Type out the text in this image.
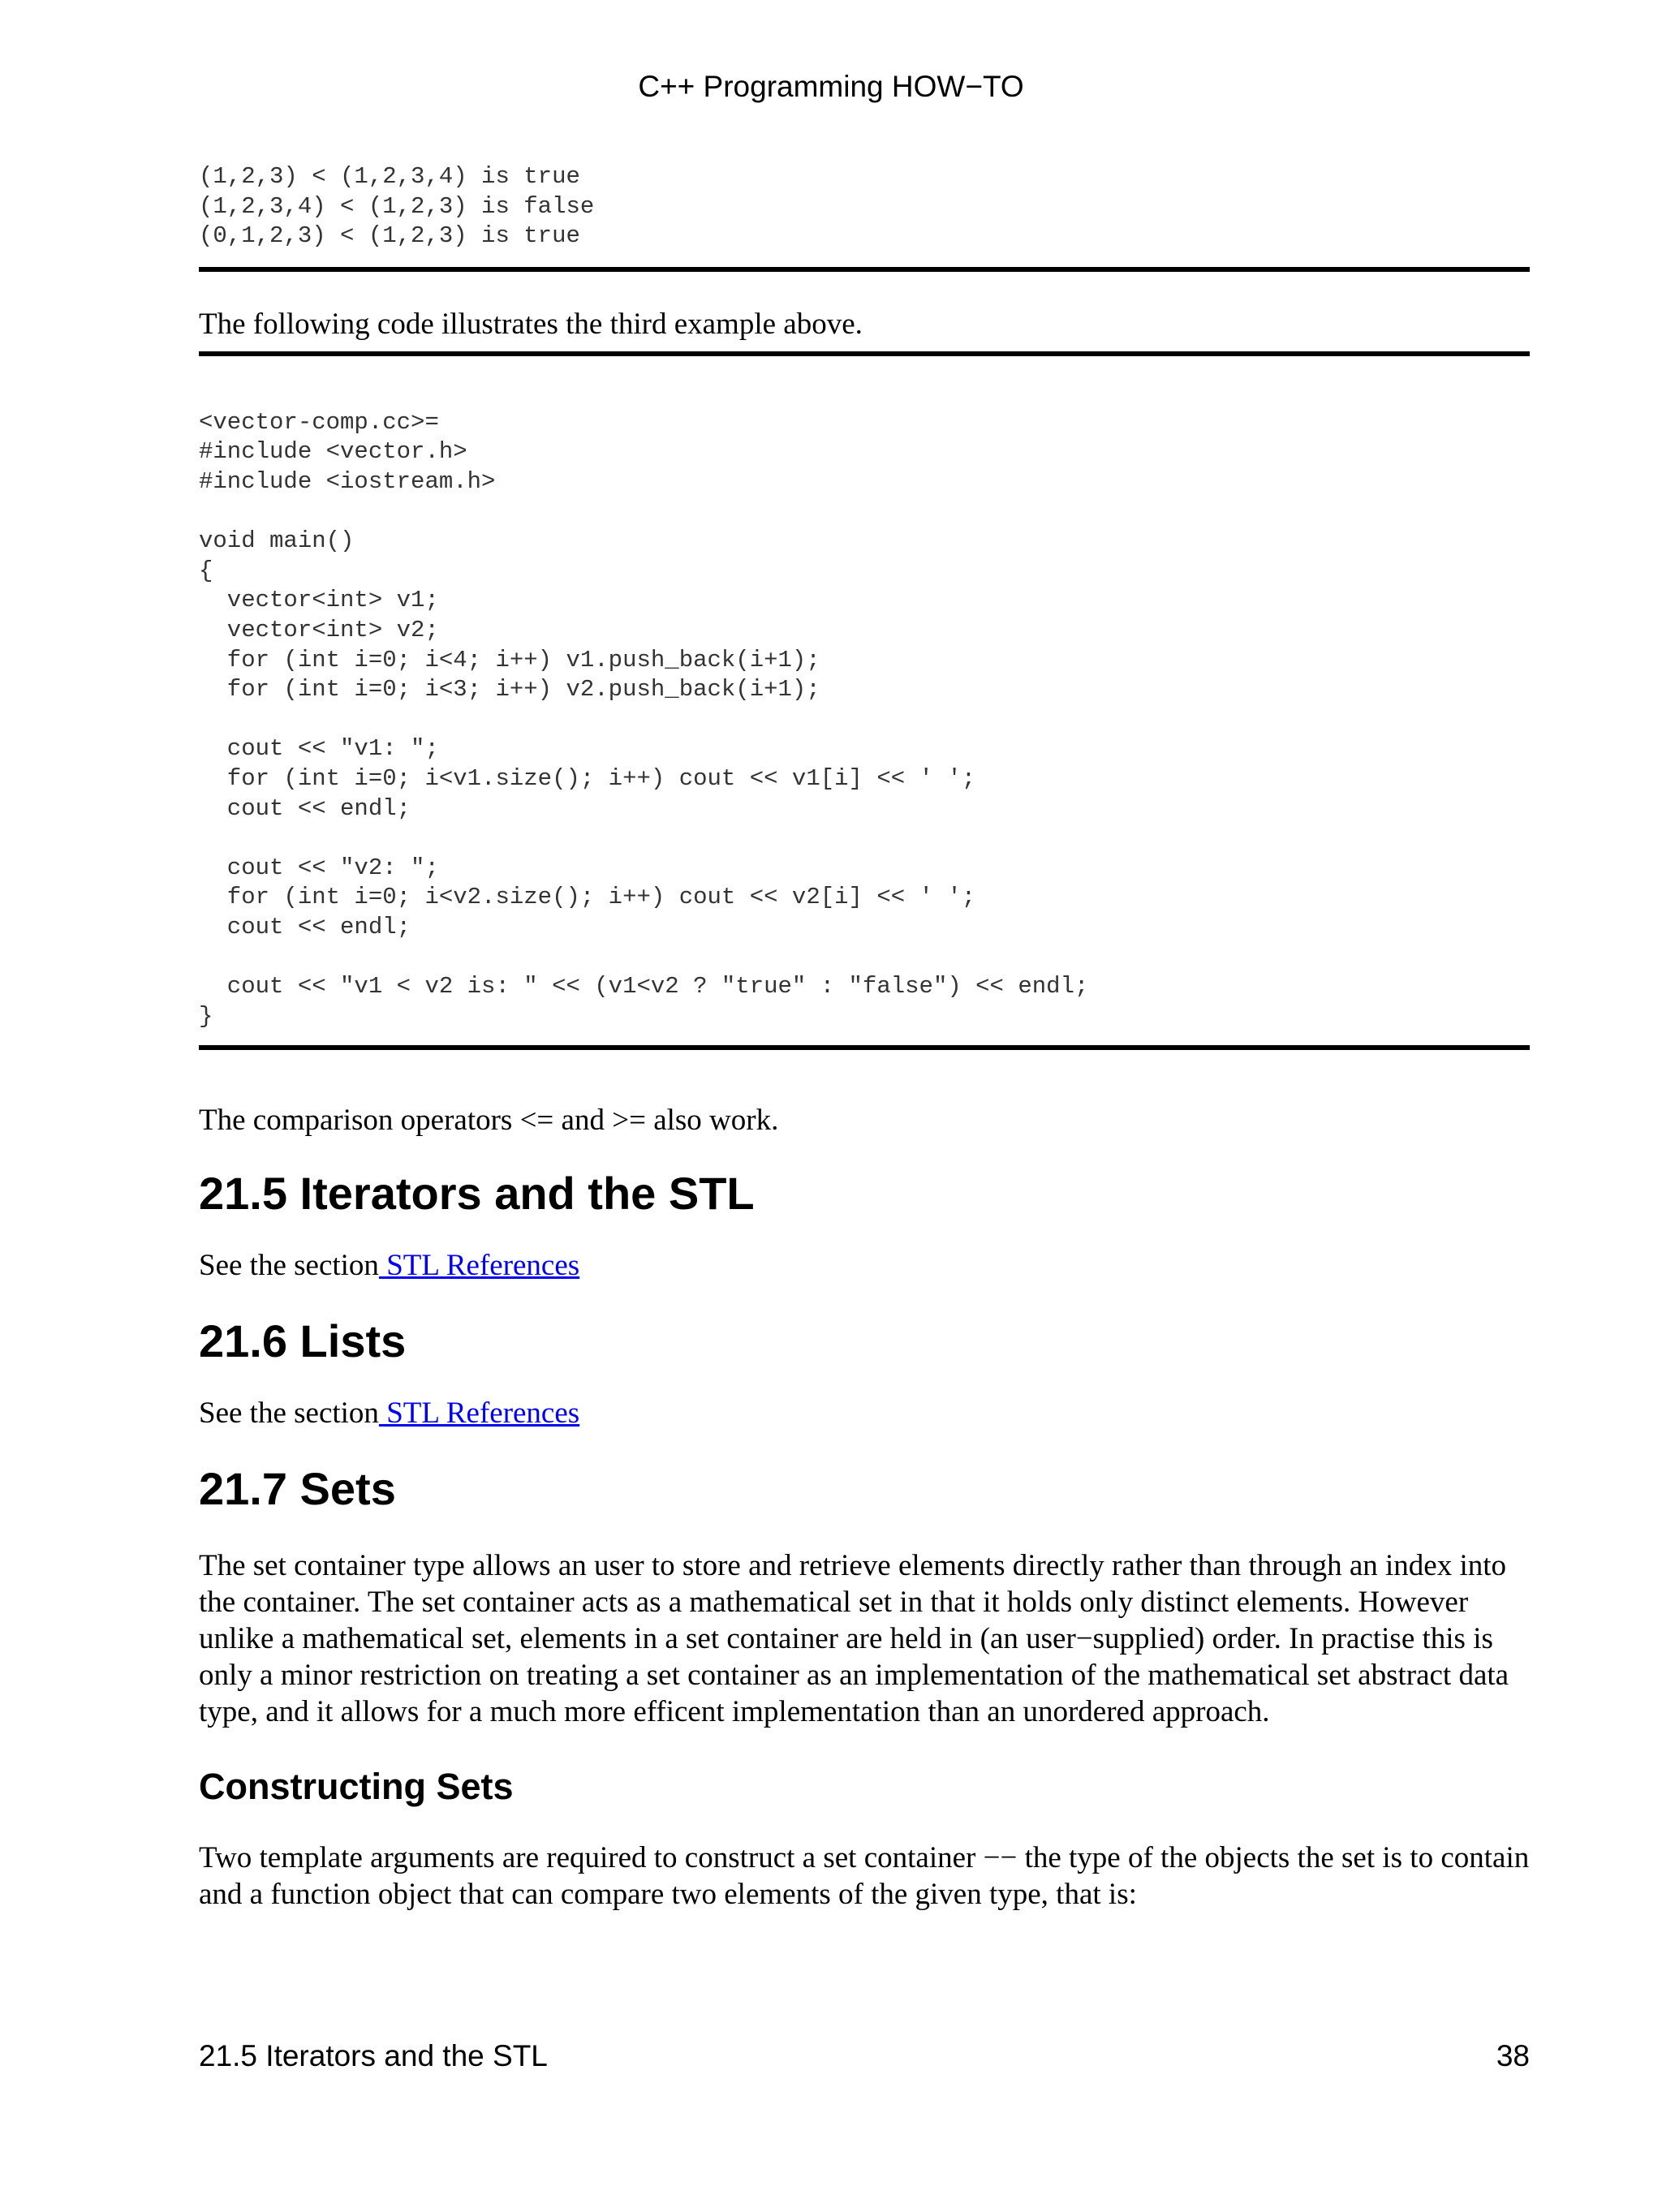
C++ Programming HOW−TO
(1,2,3) < (1,2,3,4) is true
(1,2,3,4) < (1,2,3) is false
(0,1,2,3) < (1,2,3) is true

The following code illustrates the third example above.

<vector-comp.cc>=
#include <vector.h>
#include <iostream.h>

void main()
{
vector<int> v1;
vector<int> v2;
for (int i=0; i<4; i++) v1.push_back(i+1);
for (int i=0; i<3; i++) v2.push_back(i+1);

cout << "v1: ";
for (int i=0; i<v1.size(); i++) cout << v1[i] << ' ';
cout << endl;

cout << "v2: ";
for (int i=0; i<v2.size(); i++) cout << v2[i] << ' ';
cout << endl;

cout << "v1 < v2 is: " << (v1<v2 ? "true" : "false") << endl;
}

The comparison operators <= and >= also work.

21.5 Iterators and the STL

See the section STL References

21.6 Lists

See the section STL References

21.7 Sets

The set container type allows an user to store and retrieve elements directly rather than through an index into the container. The set container acts as a mathematical set in that it holds only distinct elements. However unlike a mathematical set, elements in a set container are held in (an user−supplied) order. In practise this is only a minor restriction on treating a set container as an implementation of the mathematical set abstract data type, and it allows for a much more efficent implementation than an unordered approach.

Constructing Sets

Two template arguments are required to construct a set container −− the type of the objects the set is to contain and a function object that can compare two elements of the given type, that is:

21.5 Iterators and the STL	38
